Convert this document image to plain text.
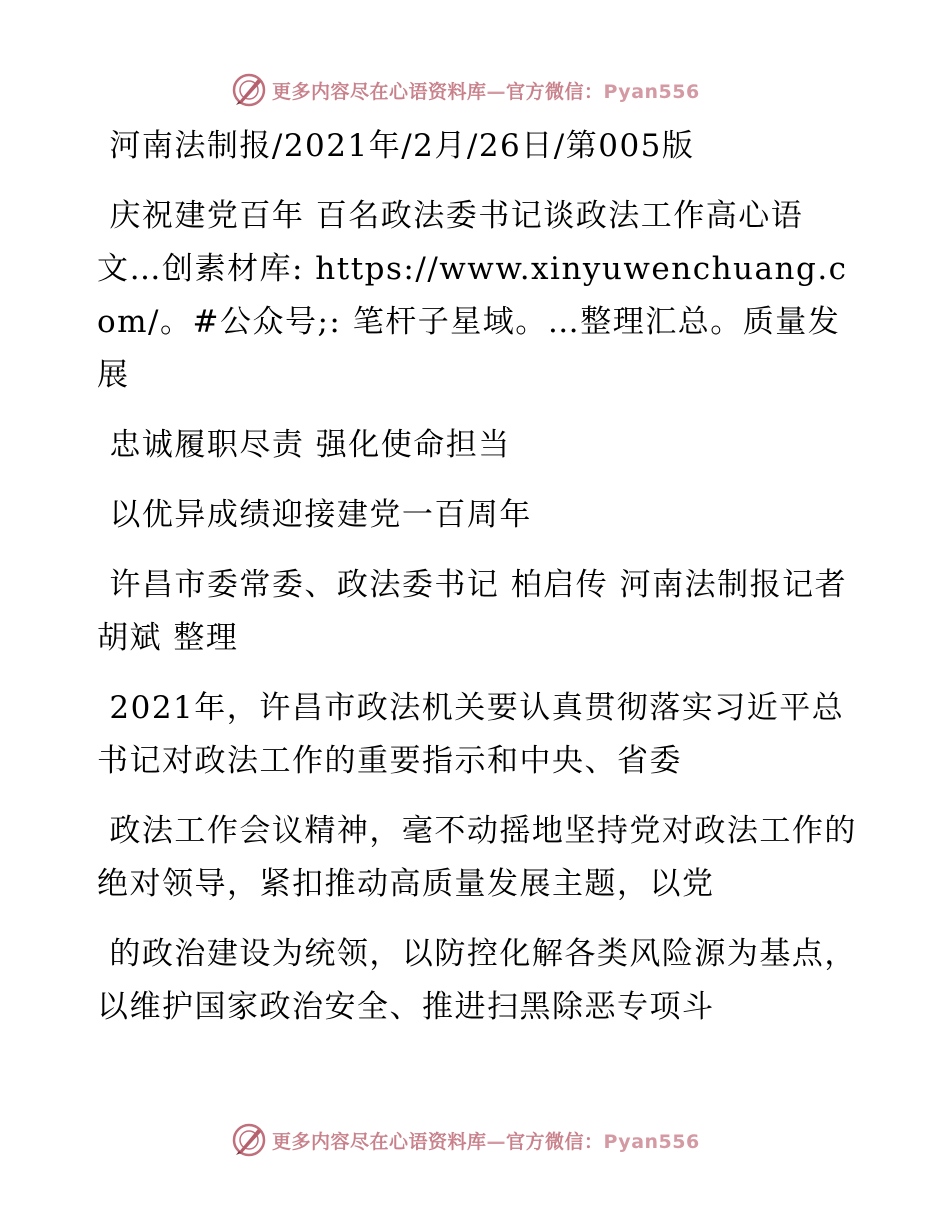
更多内容尽在心语资料库—官方微信：Pyan556

河南法制报/2021年/2月/26日/第005版

庆祝建党百年 百名政法委书记谈政法工作高心语文…创素材库: https://www.xinyuwenchuang.com/。#公众号;: 笔杆子星域。…整理汇总。质量发展

忠诚履职尽责 强化使命担当

以优异成绩迎接建党一百周年

许昌市委常委、政法委书记 柏启传 河南法制报记者 胡斌 整理

2021年，许昌市政法机关要认真贯彻落实习近平总书记对政法工作的重要指示和中央、省委

政法工作会议精神，毫不动摇地坚持党对政法工作的绝对领导，紧扣推动高质量发展主题，以党

的政治建设为统领，以防控化解各类风险源为基点，以维护国家政治安全、推进扫黑除恶专项斗

更多内容尽在心语资料库—官方微信：Pyan556
